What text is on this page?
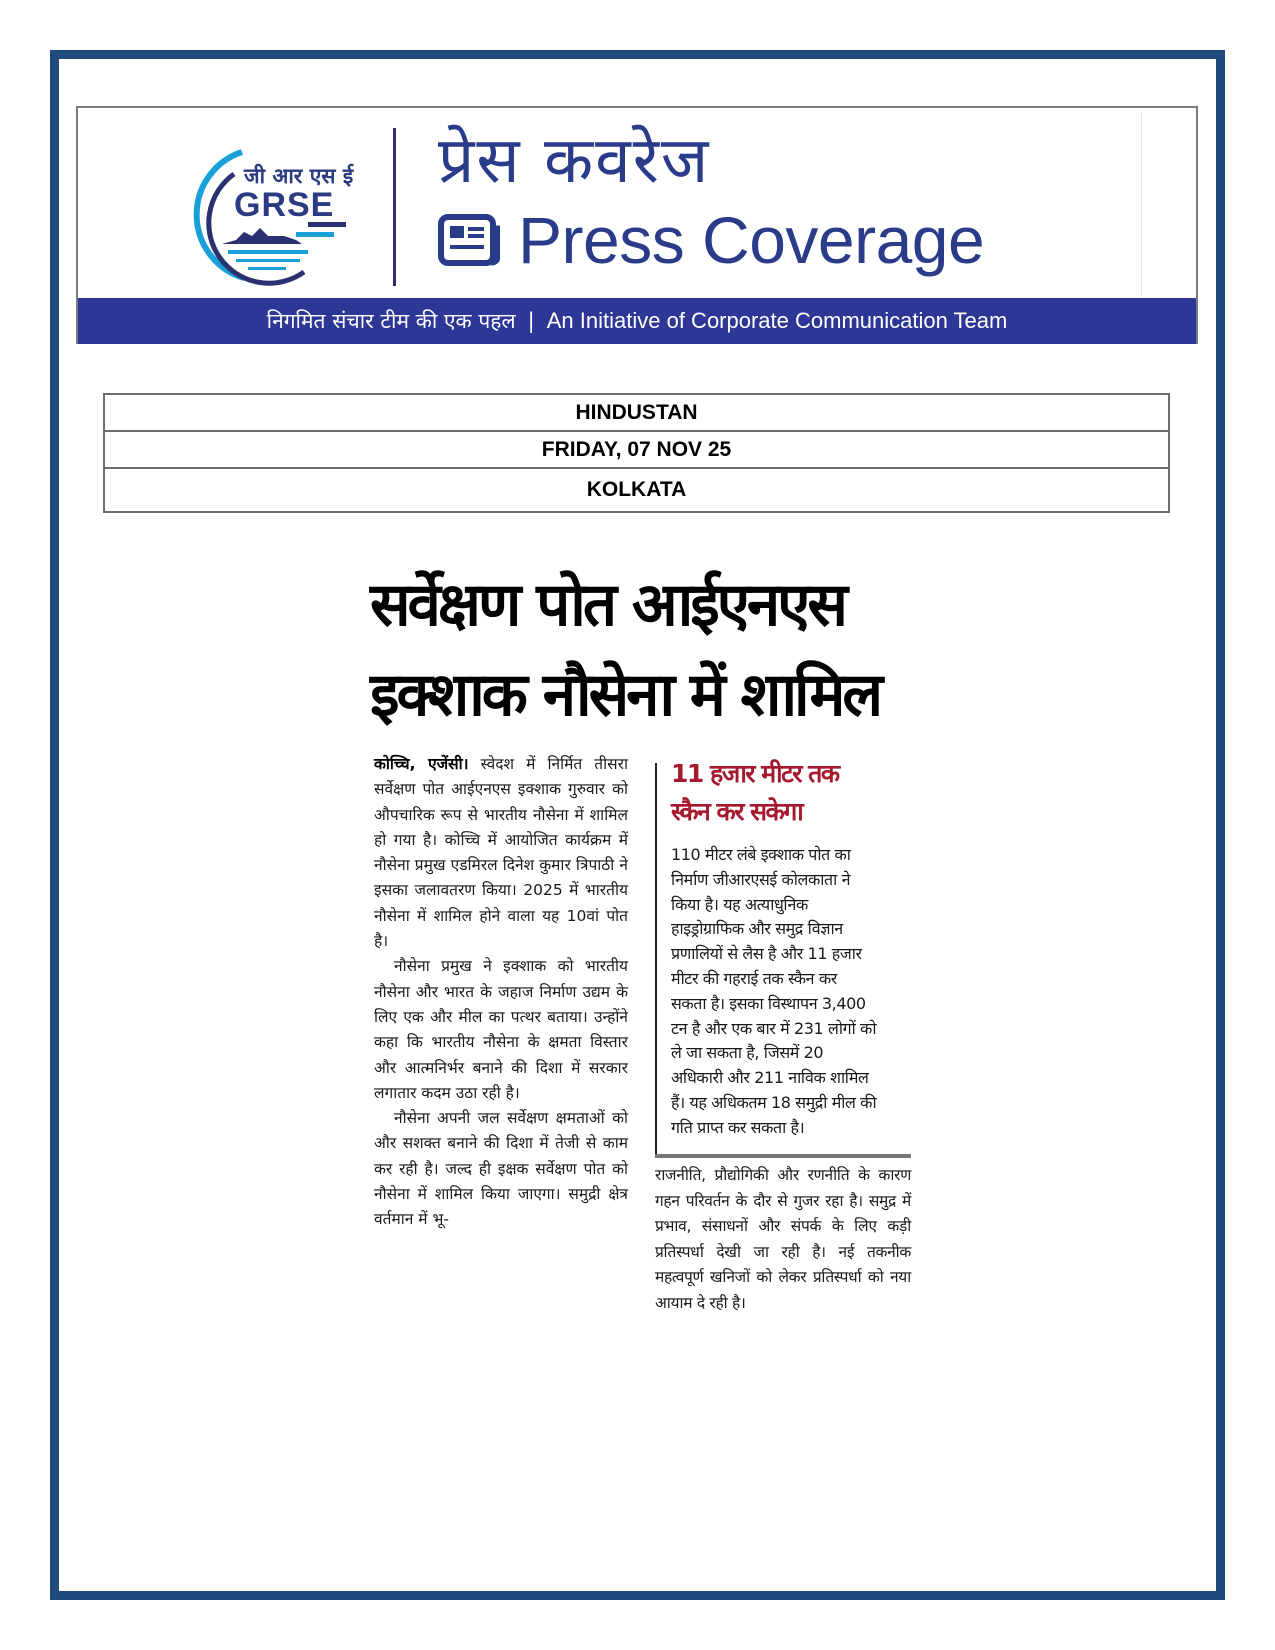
जी आर एस ई
GRSE
प्रेस कवरेज
Press Coverage
निगमित संचार टीम की एक पहल | An Initiative of Corporate Communication Team
HINDUSTAN
FRIDAY, 07 NOV 25
KOLKATA
सर्वेक्षण पोत आईएनएस
इक्शाक नौसेना में शामिल

कोच्चि, एजेंसी। स्वेदश में निर्मित तीसरा सर्वेक्षण पोत आईएनएस इक्शाक गुरुवार को औपचारिक रूप से भारतीय नौसेना में शामिल हो गया है। कोच्चि में आयोजित कार्यक्रम में नौसेना प्रमुख एडमिरल दिनेश कुमार त्रिपाठी ने इसका जलावतरण किया। 2025 में भारतीय नौसेना में शामिल होने वाला यह 10वां पोत है।

नौसेना प्रमुख ने इक्शाक को भारतीय नौसेना और भारत के जहाज निर्माण उद्यम के लिए एक और मील का पत्थर बताया। उन्होंने कहा कि भारतीय नौसेना के क्षमता विस्तार और आत्मनिर्भर बनाने की दिशा में सरकार लगातार कदम उठा रही है।

नौसेना अपनी जल सर्वेक्षण क्षमताओं को और सशक्त बनाने की दिशा में तेजी से काम कर रही है। जल्द ही इक्षक सर्वेक्षण पोत को नौसेना में शामिल किया जाएगा। समुद्री क्षेत्र वर्तमान में भू-

11 हजार मीटर तक
स्कैन कर सकेगा
110 मीटर लंबे इक्शाक पोत का
निर्माण जीआरएसई कोलकाता ने
किया है। यह अत्याधुनिक
हाइड्रोग्राफिक और समुद्र विज्ञान
प्रणालियों से लैस है और 11 हजार
मीटर की गहराई तक स्कैन कर
सकता है। इसका विस्थापन 3,400
टन है और एक बार में 231 लोगों को
ले जा सकता है, जिसमें 20
अधिकारी और 211 नाविक शामिल
हैं। यह अधिकतम 18 समुद्री मील की
गति प्राप्त कर सकता है।

राजनीति, प्रौद्योगिकी और रणनीति के कारण गहन परिवर्तन के दौर से गुजर रहा है। समुद्र में प्रभाव, संसाधनों और संपर्क के लिए कड़ी प्रतिस्पर्धा देखी जा रही है। नई तकनीक महत्वपूर्ण खनिजों को लेकर प्रतिस्पर्धा को नया आयाम दे रही है।
